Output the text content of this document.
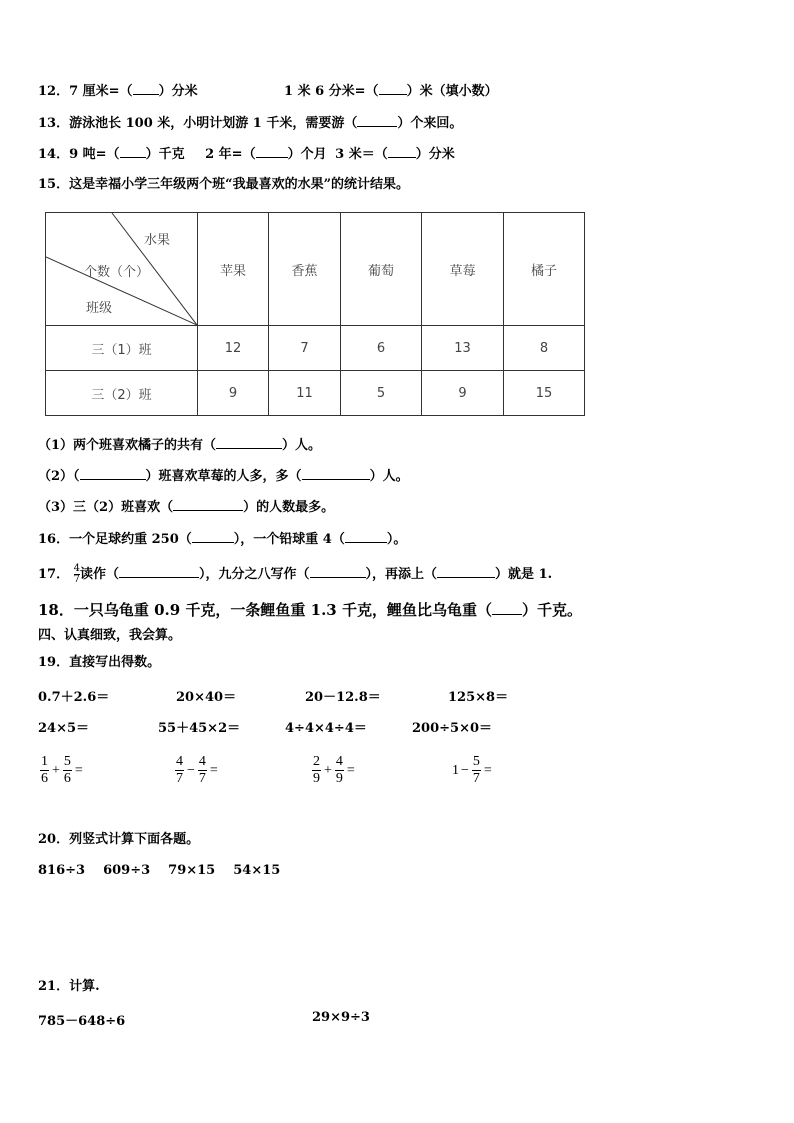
12．7 厘米=（ ）分米	1 米 6 分米=（ ）米（填小数）
13．游泳池长 100 米，小明计划游 1 千米，需要游（	）个来回。
14．9 吨=（ ）千克 2 年=（ ）个月 3 米＝（ ）分米
15．这是幸福小学三年级两个班“我最喜欢的水果”的统计结果。
水果
个数（个）
班级	苹果	香蕉	葡萄	草莓	橘子
三（1）班	12	7	6	13	8
三（2）班	9	11	5	9	15
（1）两个班喜欢橘子的共有（	）人。
（2）（	）班喜欢草莓的人多，多（	）人。
（3）三（2）班喜欢（	）的人数最多。
16．一个足球约重 250（	），一个铅球重 4（	）。
17． $\frac{4}{7}$ 读作（	），九分之八写作（	），再添上（	）就是 1.
18．一只乌龟重 0.9 千克，一条鲤鱼重 1.3 千克，鲤鱼比乌龟重（ ）千克。
四、认真细致，我会算。
19．直接写出得数。
0.7＋2.6＝	20×40＝	20－12.8＝	125×8＝
24×5＝	55＋45×2＝	4÷4×4÷4＝	200÷5×0＝
$\frac{1}{6} + \frac{5}{6}$ =	$\frac{4}{7} - \frac{4}{7}$ =	$\frac{2}{9} + \frac{4}{9}$ =	$1 - \frac{5}{7}$ =
20．列竖式计算下面各题。
816÷3 609÷3 79×15 54×15
21．计算.
785－648÷6	29×9÷3
